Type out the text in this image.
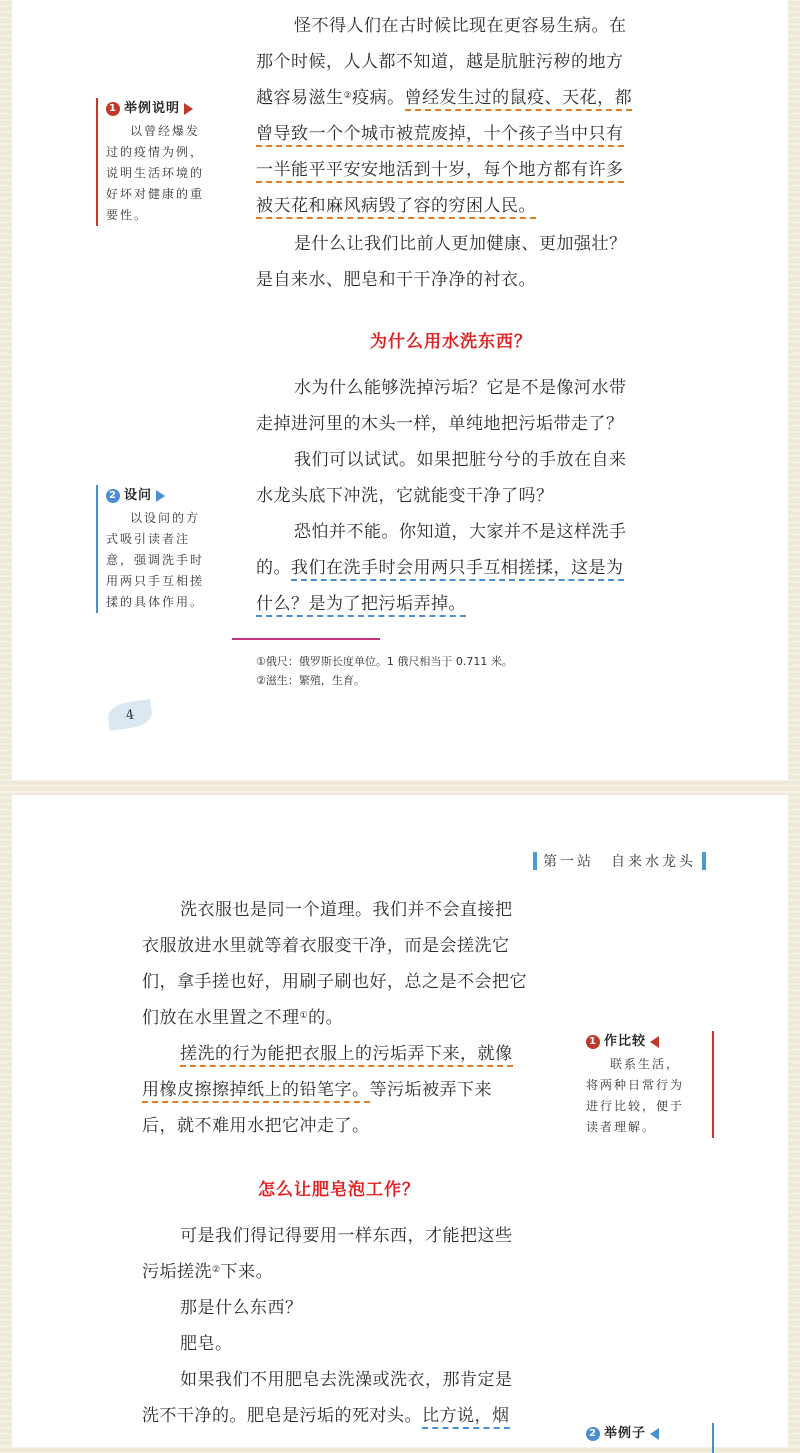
怪不得人们在古时候比现在更容易生病。在
那个时候，人人都不知道，越是肮脏污秽的地方
越容易滋生②疫病。曾经发生过的鼠疫、天花，都
曾导致一个个城市被荒废掉，十个孩子当中只有
一半能平平安安地活到十岁，每个地方都有许多
被天花和麻风病毁了容的穷困人民。

是什么让我们比前人更加健康、更加强壮？
是自来水、肥皂和干干净净的衬衣。

为什么用水洗东西？

水为什么能够洗掉污垢？它是不是像河水带
走掉进河里的木头一样，单纯地把污垢带走了？

我们可以试试。如果把脏兮兮的手放在自来
水龙头底下冲洗，它就能变干净了吗？

恐怕并不能。你知道，大家并不是这样洗手
的。我们在洗手时会用两只手互相搓揉，这是为
什么？是为了把污垢弄掉。

1 举例说明
以曾经爆发
过的疫情为例，
说明生活环境的
好坏对健康的重
要性。
2 设问
以设问的方
式吸引读者注
意，强调洗手时
用两只手互相搓
揉的具体作用。
①俄尺：俄罗斯长度单位。1 俄尺相当于 0.711 米。
②滋生：繁殖，生育。
4
第一站　自来水龙头

洗衣服也是同一个道理。我们并不会直接把
衣服放进水里就等着衣服变干净，而是会搓洗它
们，拿手搓也好，用刷子刷也好，总之是不会把它
们放在水里置之不理①的。

搓洗的行为能把衣服上的污垢弄下来，就像
用橡皮擦擦掉纸上的铅笔字。等污垢被弄下来
后，就不难用水把它冲走了。

怎么让肥皂泡工作？

可是我们得记得要用一样东西，才能把这些
污垢搓洗②下来。

那是什么东西？

肥皂。

如果我们不用肥皂去洗澡或洗衣，那肯定是
洗不干净的。肥皂是污垢的死对头。比方说，烟

1 作比较
联系生活，
将两种日常行为
进行比较，便于
读者理解。
2 举例子
